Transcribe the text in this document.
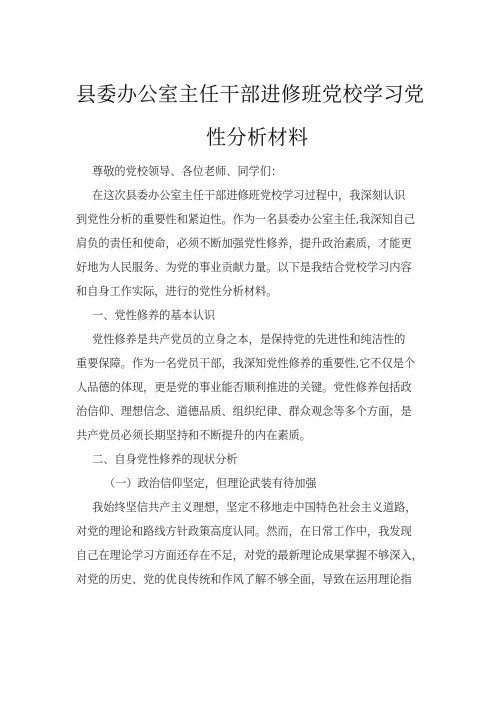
县委办公室主任干部进修班党校学习党
性分析材料
尊敬的党校领导、各位老师、同学们：
在这次县委办公室主任干部进修班党校学习过程中，我深刻认识
到党性分析的重要性和紧迫性。作为一名县委办公室主任,我深知自己
肩负的责任和使命，必须不断加强党性修养，提升政治素质，才能更
好地为人民服务、为党的事业贡献力量。以下是我结合党校学习内容
和自身工作实际，进行的党性分析材料。
一、党性修养的基本认识
党性修养是共产党员的立身之本，是保持党的先进性和纯洁性的
重要保障。作为一名党员干部，我深知党性修养的重要性,它不仅是个
人品德的体现，更是党的事业能否顺利推进的关键。党性修养包括政
治信仰、理想信念、道德品质、组织纪律、群众观念等多个方面，是
共产党员必须长期坚持和不断提升的内在素质。
二、自身党性修养的现状分析
（一）政治信仰坚定，但理论武装有待加强
我始终坚信共产主义理想，坚定不移地走中国特色社会主义道路，
对党的理论和路线方针政策高度认同。然而，在日常工作中，我发现
自己在理论学习方面还存在不足，对党的最新理论成果掌握不够深入，
对党的历史、党的优良传统和作风了解不够全面，导致在运用理论指
